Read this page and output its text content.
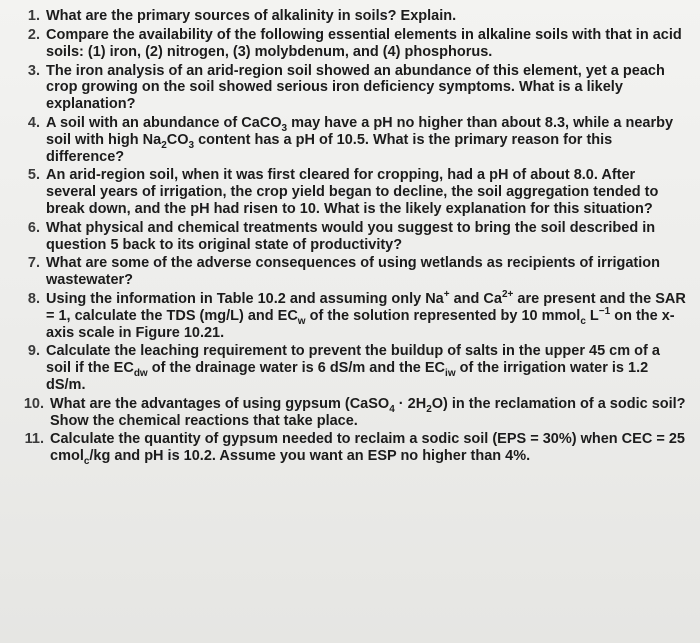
1. What are the primary sources of alkalinity in soils? Explain.
2. Compare the availability of the following essential elements in alkaline soils with that in acid soils: (1) iron, (2) nitrogen, (3) molybdenum, and (4) phosphorus.
3. The iron analysis of an arid-region soil showed an abundance of this element, yet a peach crop growing on the soil showed serious iron deficiency symptoms. What is a likely explanation?
4. A soil with an abundance of CaCO$_3$ may have a pH no higher than about 8.3, while a nearby soil with high $Na_2CO_3$ content has a pH of 10.5. What is the primary reason for this difference?
5. An arid-region soil, when it was first cleared for cropping, had a pH of about 8.0. After several years of irrigation, the crop yield began to decline, the soil aggregation tended to break down, and the pH had risen to 10. What is the likely explanation for this situation?
6. What physical and chemical treatments would you suggest to bring the soil described in question 5 back to its original state of productivity?
7. What are some of the adverse consequences of using wetlands as recipients of irrigation wastewater?
8. Using the information in Table 10.2 and assuming only Na+ and $Ca^{2+}$ are present and the SAR = 1, calculate the TDS (mg/L) and $EC_w$ of the solution represented by 10 mmol$_c$ $L^{-1}$ on the x-axis scale in Figure 10.21.
9. Calculate the leaching requirement to prevent the buildup of salts in the upper 45 cm of a soil if the $EC_{dw}$ of the drainage water is 6 dS/m and the $EC_{iw}$ of the irrigation water is 1.2 dS/m.
10. What are the advantages of using gypsum (CaSO$_4$ · $2H_2O$) in the reclamation of a sodic soil? Show the chemical reactions that take place.
11. Calculate the quantity of gypsum needed to reclaim a sodic soil (EPS = 30%) when CEC = 25 cmol$_c$/kg and pH is 10.2. Assume you want an ESP no higher than 4%.
